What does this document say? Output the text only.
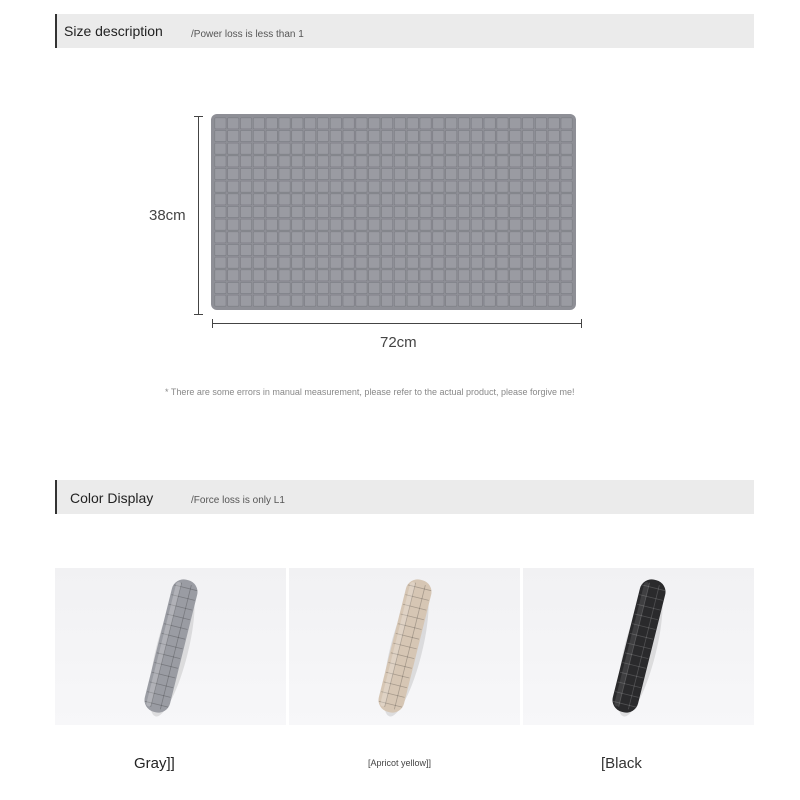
Size description	/Power loss is less than 1
38cm
72cm
* There are some errors in manual measurement, please refer to the actual product, please forgive me!
Color Display	/Force loss is only L1
Gray]]	[Apricot yellow]]	[Black
